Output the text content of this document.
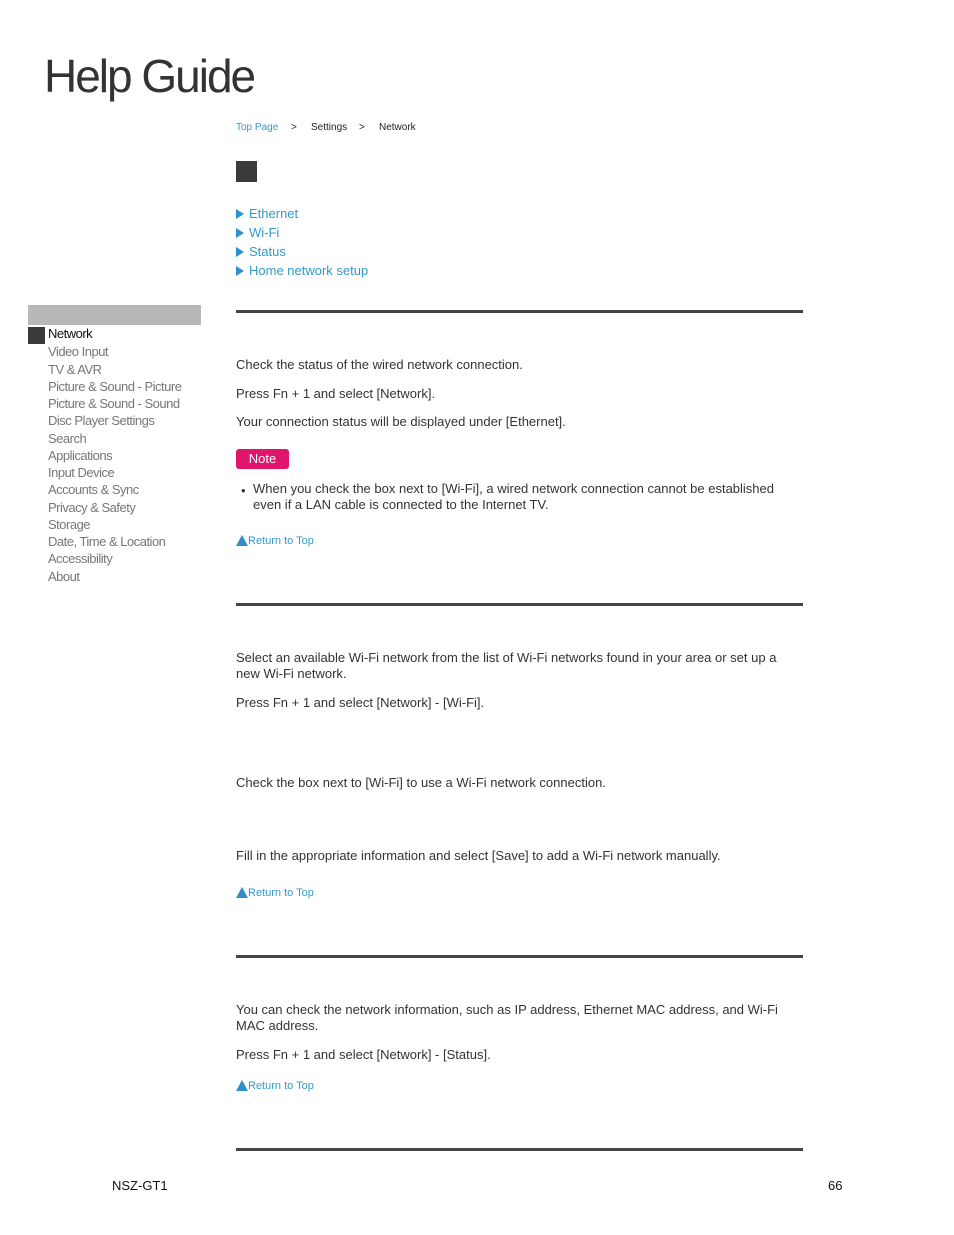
Help Guide
Top Page > Settings > Network
Ethernet
Wi-Fi
Status
Home network setup
Network
Video Input
TV & AVR
Picture & Sound - Picture
Picture & Sound - Sound
Disc Player Settings
Search
Applications
Input Device
Accounts & Sync
Privacy & Safety
Storage
Date, Time & Location
Accessibility
About

Check the status of the wired network connection.

Press Fn + 1 and select [Network].

Your connection status will be displayed under [Ethernet].

Note
• When you check the box next to [Wi-Fi], a wired network connection cannot be established even if a LAN cable is connected to the Internet TV.
Return to Top

Select an available Wi-Fi network from the list of Wi-Fi networks found in your area or set up a new Wi-Fi network.

Press Fn + 1 and select [Network] - [Wi-Fi].

Check the box next to [Wi-Fi] to use a Wi-Fi network connection.

Fill in the appropriate information and select [Save] to add a Wi-Fi network manually.

Return to Top

You can check the network information, such as IP address, Ethernet MAC address, and Wi-Fi MAC address.

Press Fn + 1 and select [Network] - [Status].

Return to Top
NSZ-GT1	66
